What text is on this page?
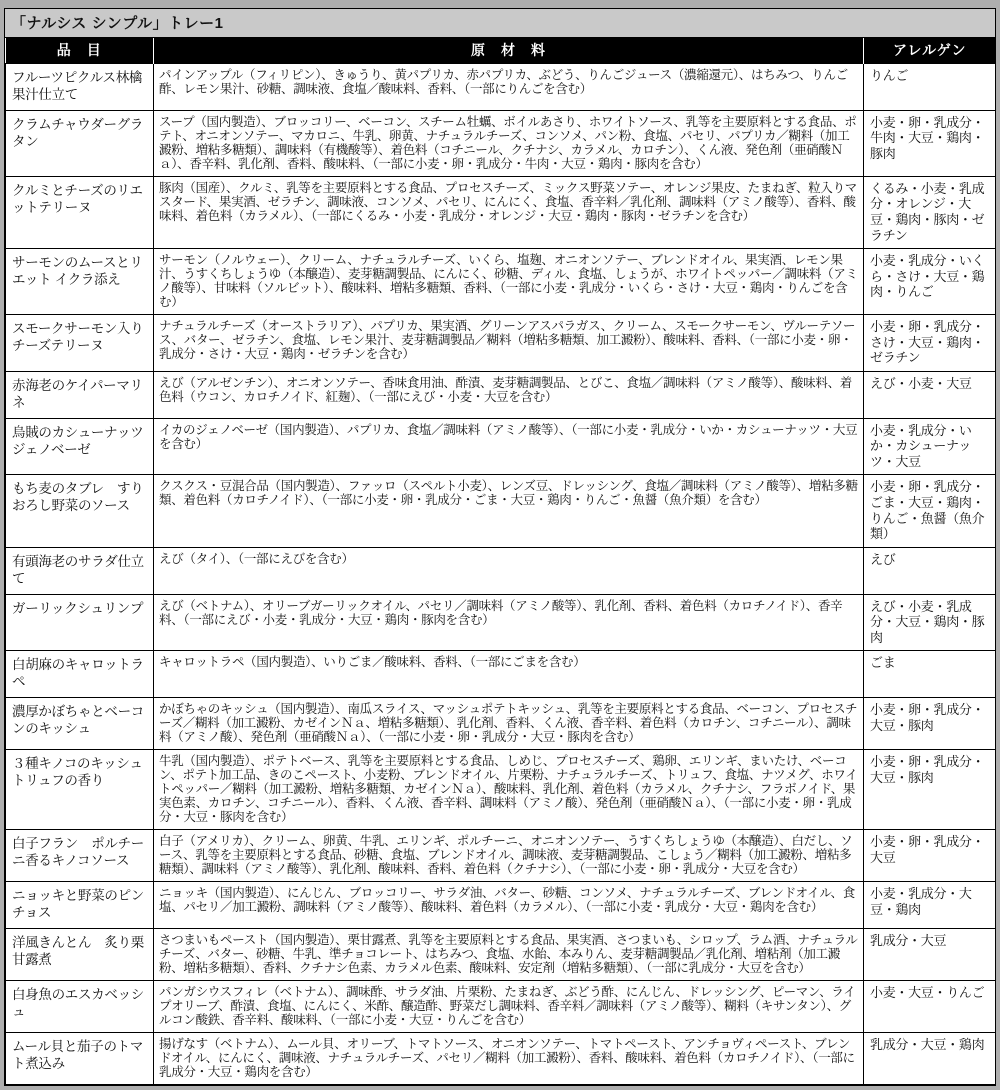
「ナルシス シンプル」トレー1
品　目	原　材　料	アレルゲン
フルーツピクルス林檎果汁仕立て	パインアップル（フィリピン）、きゅうり、黄パプリカ、赤パプリカ、ぶどう、りんごジュース（濃縮還元）、はちみつ、りんご酢、レモン果汁、砂糖、調味液、食塩／酸味料、香料、（一部にりんごを含む）	りんご
クラムチャウダーグラタン	スープ（国内製造）、ブロッコリー、ベーコン、スチーム牡蠣、ボイルあさり、ホワイトソース、乳等を主要原料とする食品、ポテト、オニオンソテー、マカロニ、牛乳、卵黄、ナチュラルチーズ、コンソメ、パン粉、食塩、パセリ、パプリカ／糊料（加工澱粉、増粘多糖類）、調味料（有機酸等）、着色料（コチニール、クチナシ、カラメル、カロチン）、くん液、発色剤（亜硝酸Ｎａ）、香辛料、乳化剤、香料、酸味料、（一部に小麦・卵・乳成分・牛肉・大豆・鶏肉・豚肉を含む）	小麦・卵・乳成分・牛肉・大豆・鶏肉・豚肉
クルミとチーズのリエットテリーヌ	豚肉（国産）、クルミ、乳等を主要原料とする食品、プロセスチーズ、ミックス野菜ソテー、オレンジ果皮、たまねぎ、粒入りマスタード、果実酒、ゼラチン、調味液、コンソメ、パセリ、にんにく、食塩、香辛料／乳化剤、調味料（アミノ酸等）、香料、酸味料、着色料（カラメル）、（一部にくるみ・小麦・乳成分・オレンジ・大豆・鶏肉・豚肉・ゼラチンを含む）	くるみ・小麦・乳成分・オレンジ・大豆・鶏肉・豚肉・ゼラチン
サーモンのムースとリエット イクラ添え	サーモン（ノルウェー）、クリーム、ナチュラルチーズ、いくら、塩麹、オニオンソテー、ブレンドオイル、果実酒、レモン果汁、うすくちしょうゆ（本醸造）、麦芽糖調製品、にんにく、砂糖、ディル、食塩、しょうが、ホワイトペッパー／調味料（アミノ酸等）、甘味料（ソルビット）、酸味料、増粘多糖類、香料、（一部に小麦・乳成分・いくら・さけ・大豆・鶏肉・りんごを含む）	小麦・乳成分・いくら・さけ・大豆・鶏肉・りんご
スモークサーモン入りチーズテリーヌ	ナチュラルチーズ（オーストラリア）、パプリカ、果実酒、グリーンアスパラガス、クリーム、スモークサーモン、ヴルーテソース、バター、ゼラチン、食塩、レモン果汁、麦芽糖調製品／糊料（増粘多糖類、加工澱粉）、酸味料、香料、（一部に小麦・卵・乳成分・さけ・大豆・鶏肉・ゼラチンを含む）	小麦・卵・乳成分・さけ・大豆・鶏肉・ゼラチン
赤海老のケイパーマリネ	えび（アルゼンチン）、オニオンソテー、香味食用油、酢漬、麦芽糖調製品、とびこ、食塩／調味料（アミノ酸等）、酸味料、着色料（ウコン、カロチノイド、紅麹）、（一部にえび・小麦・大豆を含む）	えび・小麦・大豆
烏賊のカシューナッツジェノベーゼ	イカのジェノベーゼ（国内製造）、パプリカ、食塩／調味料（アミノ酸等）、（一部に小麦・乳成分・いか・カシューナッツ・大豆を含む）	小麦・乳成分・いか・カシューナッツ・大豆
もち麦のタブレ　すりおろし野菜のソース	クスクス・豆混合品（国内製造）、ファッロ（スペルト小麦）、レンズ豆、ドレッシング、食塩／調味料（アミノ酸等）、増粘多糖類、着色料（カロチノイド）、（一部に小麦・卵・乳成分・ごま・大豆・鶏肉・りんご・魚醤（魚介類）を含む）	小麦・卵・乳成分・ごま・大豆・鶏肉・りんご・魚醤（魚介類）
有頭海老のサラダ仕立て	えび（タイ）、（一部にえびを含む）	えび
ガーリックシュリンプ	えび（ベトナム）、オリーブガーリックオイル、パセリ／調味料（アミノ酸等）、乳化剤、香料、着色料（カロチノイド）、香辛料、（一部にえび・小麦・乳成分・大豆・鶏肉・豚肉を含む）	えび・小麦・乳成分・大豆・鶏肉・豚肉
白胡麻のキャロットラペ	キャロットラペ（国内製造）、いりごま／酸味料、香料、（一部にごまを含む）	ごま
濃厚かぼちゃとベーコンのキッシュ	かぼちゃのキッシュ（国内製造）、南瓜スライス、マッシュポテトキッシュ、乳等を主要原料とする食品、ベーコン、プロセスチーズ／糊料（加工澱粉、カゼインＮａ、増粘多糖類）、乳化剤、香料、くん液、香辛料、着色料（カロチン、コチニール）、調味料（アミノ酸）、発色剤（亜硝酸Ｎａ）、（一部に小麦・卵・乳成分・大豆・豚肉を含む）	小麦・卵・乳成分・大豆・豚肉
３種キノコのキッシュ　トリュフの香り	牛乳（国内製造）、ポテトベース、乳等を主要原料とする食品、しめじ、プロセスチーズ、鶏卵、エリンギ、まいたけ、ベーコン、ポテト加工品、きのこペースト、小麦粉、ブレンドオイル、片栗粉、ナチュラルチーズ、トリュフ、食塩、ナツメグ、ホワイトペッパー／糊料（加工澱粉、増粘多糖類、カゼインＮａ）、酸味料、乳化剤、着色料（カラメル、クチナシ、フラボノイド、果実色素、カロチン、コチニール）、香料、くん液、香辛料、調味料（アミノ酸）、発色剤（亜硝酸Ｎａ）、（一部に小麦・卵・乳成分・大豆・豚肉を含む）	小麦・卵・乳成分・大豆・豚肉
白子フラン　ポルチーニ香るキノコソース	白子（アメリカ）、クリーム、卵黄、牛乳、エリンギ、ポルチーニ、オニオンソテー、うすくちしょうゆ（本醸造）、白だし、ソース、乳等を主要原料とする食品、砂糖、食塩、ブレンドオイル、調味液、麦芽糖調製品、こしょう／糊料（加工澱粉、増粘多糖類）、調味料（アミノ酸等）、乳化剤、酸味料、香料、着色料（クチナシ）、（一部に小麦・卵・乳成分・大豆を含む）	小麦・卵・乳成分・大豆
ニョッキと野菜のピンチョス	ニョッキ（国内製造）、にんじん、ブロッコリー、サラダ油、バター、砂糖、コンソメ、ナチュラルチーズ、ブレンドオイル、食塩、パセリ／加工澱粉、調味料（アミノ酸等）、酸味料、着色料（カラメル）、（一部に小麦・乳成分・大豆・鶏肉を含む）	小麦・乳成分・大豆・鶏肉
洋風きんとん　炙り栗甘露煮	さつまいもペースト（国内製造）、栗甘露煮、乳等を主要原料とする食品、果実酒、さつまいも、シロップ、ラム酒、ナチュラルチーズ、バター、砂糖、牛乳、準チョコレート、はちみつ、食塩、水飴、本みりん、麦芽糖調製品／乳化剤、増粘剤（加工澱粉、増粘多糖類）、香料、クチナシ色素、カラメル色素、酸味料、安定剤（増粘多糖類）、（一部に乳成分・大豆を含む）	乳成分・大豆
白身魚のエスカベッシュ	パンガシウスフィレ（ベトナム）、調味酢、サラダ油、片栗粉、たまねぎ、ぶどう酢、にんじん、ドレッシング、ピーマン、ライプオリーブ、酢漬、食塩、にんにく、米酢、醸造酢、野菜だし調味料、香辛料／調味料（アミノ酸等）、糊料（キサンタン）、グルコン酸鉄、香辛料、酸味料、（一部に小麦・大豆・りんごを含む）	小麦・大豆・りんご
ムール貝と茄子のトマト煮込み	揚げなす（ベトナム）、ムール貝、オリーブ、トマトソース、オニオンソテー、トマトペースト、アンチョヴィペースト、ブレンドオイル、にんにく、調味液、ナチュラルチーズ、パセリ／糊料（加工澱粉）、香料、酸味料、着色料（カロチノイド）、（一部に乳成分・大豆・鶏肉を含む）	乳成分・大豆・鶏肉
